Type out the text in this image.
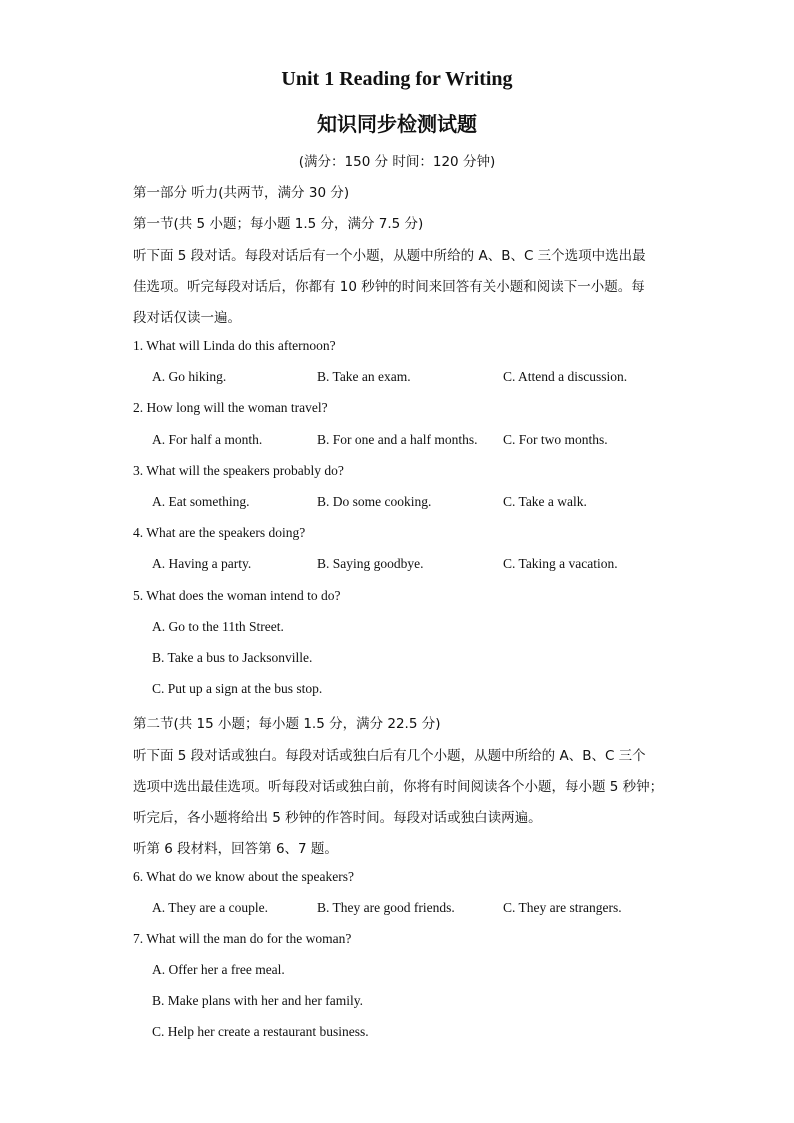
Unit 1 Reading for Writing
知识同步检测试题
(满分：150 分 时间：120 分钟)
第一部分 听力(共两节，满分 30 分)
第一节(共 5 小题；每小题 1.5 分，满分 7.5 分)
听下面 5 段对话。每段对话后有一个小题，从题中所给的 A、B、C 三个选项中选出最
佳选项。听完每段对话后，你都有 10 秒钟的时间来回答有关小题和阅读下一小题。每
段对话仅读一遍。
1. What will Linda do this afternoon?
A. Go hiking.	B. Take an exam.	C. Attend a discussion.
2. How long will the woman travel?
A. For half a month.	B. For one and a half months. C. For two months.
3. What will the speakers probably do?
A. Eat something.	B. Do some cooking.	C. Take a walk.
4. What are the speakers doing?
A. Having a party.	B. Saying goodbye.	C. Taking a vacation.
5. What does the woman intend to do?
A. Go to the 11th Street.
B. Take a bus to Jacksonville.
C. Put up a sign at the bus stop.
第二节(共 15 小题；每小题 1.5 分，满分 22.5 分)
听下面 5 段对话或独白。每段对话或独白后有几个小题，从题中所给的 A、B、C 三个
选项中选出最佳选项。听每段对话或独白前，你将有时间阅读各个小题，每小题 5 秒钟；
听完后，各小题将给出 5 秒钟的作答时间。每段对话或独白读两遍。
听第 6 段材料，回答第 6、7 题。
6. What do we know about the speakers?
A. They are a couple.	B. They are good friends.	C. They are strangers.
7. What will the man do for the woman?
A. Offer her a free meal.
B. Make plans with her and her family.
C. Help her create a restaurant business.
